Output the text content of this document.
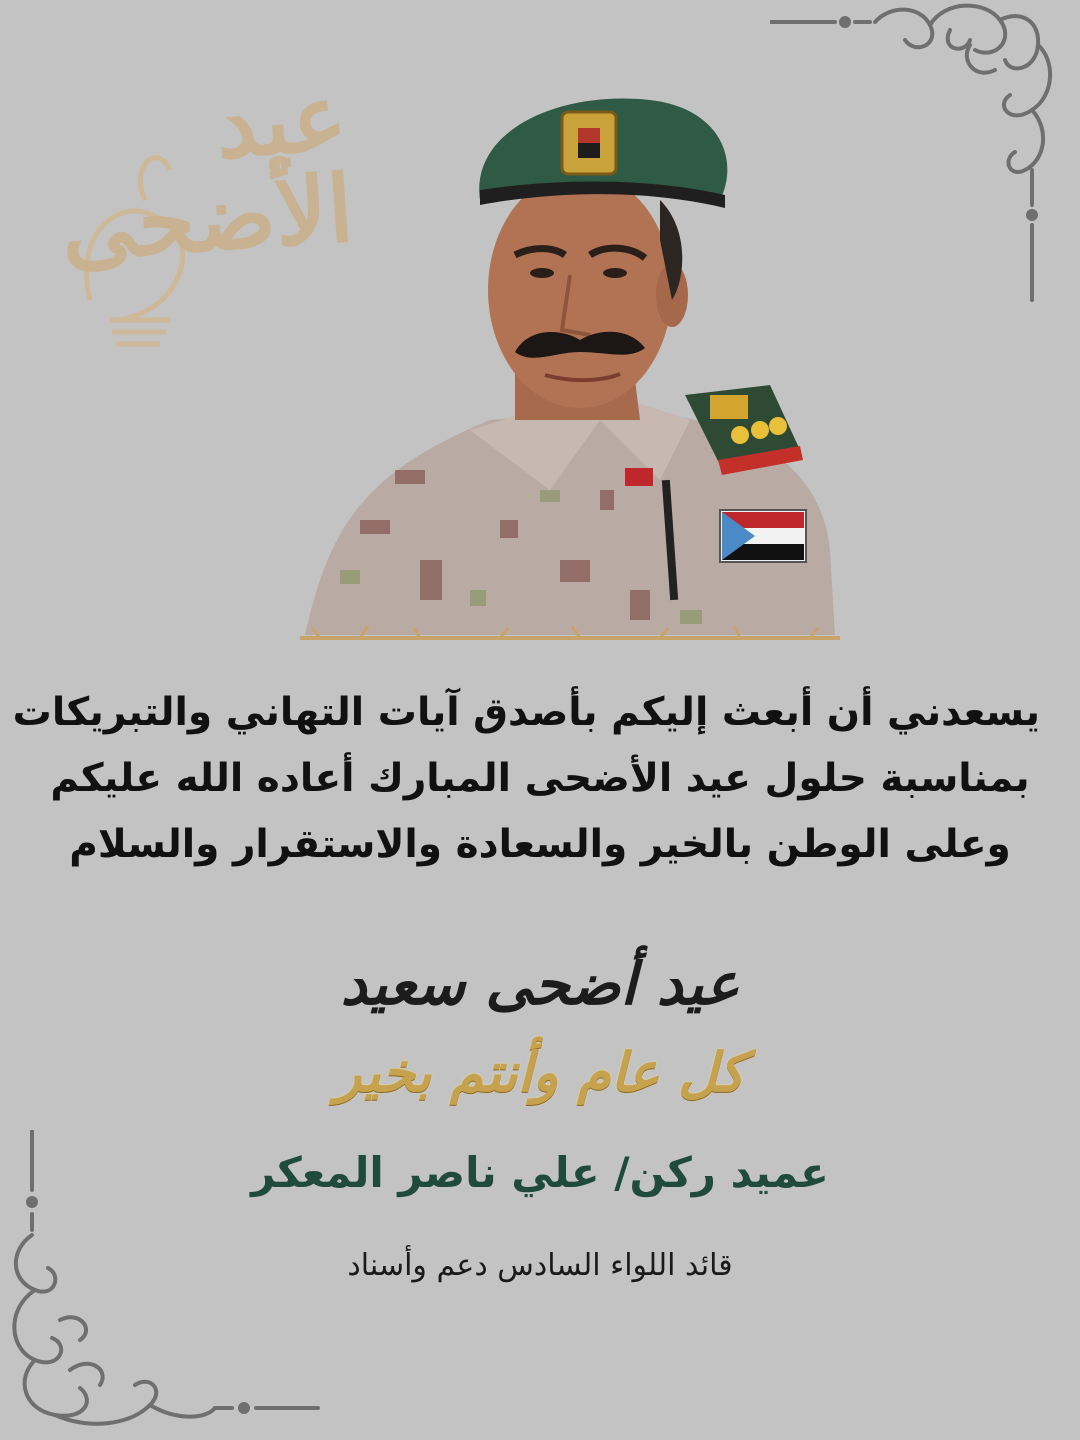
عيد الأضحى
يسعدني أن أبعث إليكم بأصدق آيات التهاني والتبريكات
بمناسبة حلول عيد الأضحى المبارك أعاده الله عليكم
وعلى الوطن بالخير والسعادة والاستقرار والسلام
عيد أضحى سعيد
كل عام وأنتم بخير
عميد ركن/ علي ناصر المعكر
قائد اللواء السادس دعم وأسناد
